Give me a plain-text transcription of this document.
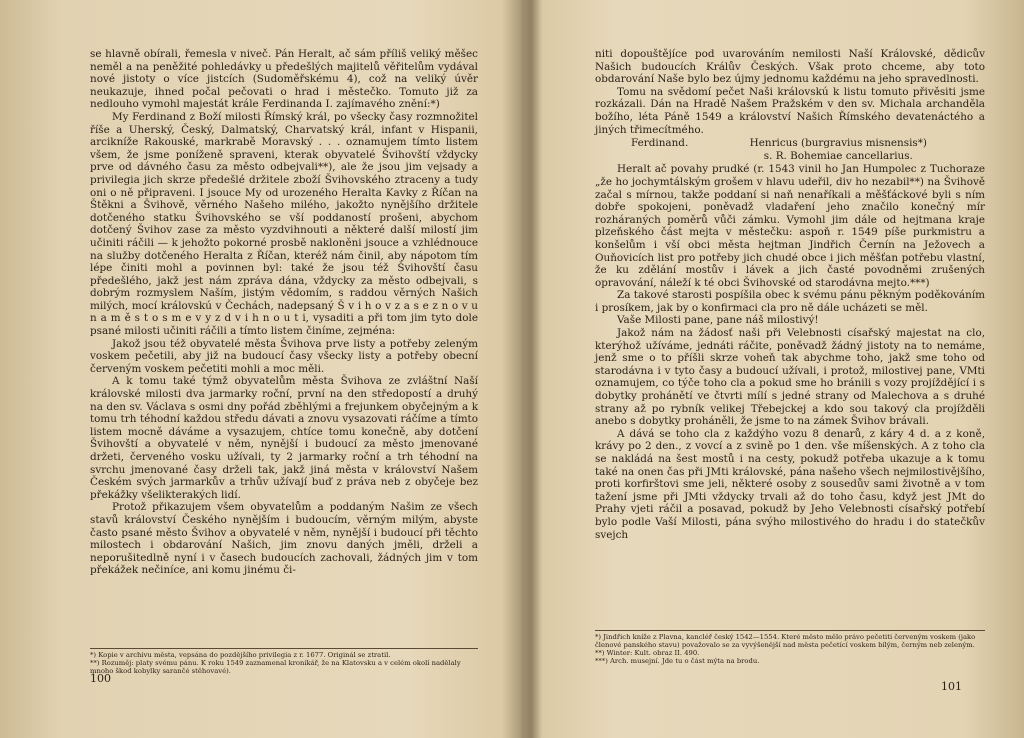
se hlavně obírali, řemesla v niveč. Pán Heralt, ač sám příliš veliký měšec neměl a na peněžité pohledávky u předešlých majitelů věřitelům vydával nové jistoty o více jistcích (Sudoměřskému 4), což na veliký úvěr neukazuje, ihned počal pečovati o hrad i městečko. Tomuto již za nedlouho vymohl majestát krále Ferdinanda I. zajímavého znění:*)

My Ferdinand z Boží milosti Římský král, po všecky časy rozmnožitel říše a Uherský, Český, Dalmatský, Charvatský král, infant v Hispanii, arciknížе Rakouské, markrabě Moravský . . . oznamujem tímto listem všem, že jsme poníženě spraveni, kterak obyvatelé Švihovští vždycky prve od dávného času za město odbejvali**), ale že jsou jim vejsady a privilegia jich skrze předešlé držitele zboží Švihovského ztraceny a tudy oni o ně připraveni. I jsouce My od urozeného Heralta Kavky z Říčan na Štěkni a Švihově, věrného Našeho milého, jakožto nynějšího držitele dotčeného statku Švihovského se vší poddaností prošeni, abychom dotčený Švihov zase za město vyzdvihnouti a některé další milostí jim učiniti ráčili — k jehožto pokorné prosbě nakloněni jsouce a vzhlédnouce na služby dotčeného Heralta z Říčan, kteréž nám činil, aby nápotom tím lépe činiti mohl a povinnen byl: také že jsou též Švihovští času předešlého, jakž jest nám zpráva dána, vždycky za město odbejvali, s dobrým rozmyslem Naším, jistým vědomím, s raddou věrných Našich milých, mocí královskú v Čechách, nadepsaný Š v i h o v z a s e z n o v u n a m ě s t o s m e v y z d v i h n o u t i, vysaditi a při tom jim tyto dole psané milosti učiniti ráčili a tímto listem činíme, zejména:

Jakož jsou též obyvatelé města Švihova prve listy a potřeby zeleným voskem pečetili, aby již na budoucí časy všecky listy a potřeby obecní červeným voskem pečetiti mohli a moc měli.

A k tomu také týmž obyvatelům města Švihova ze zvláštní Naší královské milosti dva jarmarky roční, první na den středopostí a druhý na den sv. Václava s osmi dny pořád zběhlými a frejunkem obyčejným a k tomu trh téhodní každou středu dávati a znovu vysazovati ráčíme a tímto listem mocně dáváme a vysazujem, chtíce tomu konečně, aby dotčení Švihovští a obyvatelé v něm, nynější i budoucí za město jmenované držeti, červeného vosku užívali, ty 2 jarmarky roční a trh téhodní na svrchu jmenované časy drželi tak, jakž jiná města v království Našem Českém svých jarmarkův a trhův užívají buď z práva neb z obyčeje bez překážky všelikterakých lidí.

Protož přikazujem všem obyvatelům a poddaným Našim ze všech stavů království Českého nynějším i budoucím, věrným milým, abyste často psané město Švihov a obyvatelé v něm, nynější i budoucí při těchto milostech i obdarování Našich, jim znovu daných jměli, drželi a neporušitedlně nyní i v časech budoucích zachovali, žádných jim v tom překážek nečiníce, ani komu jinému či-

*) Kopie v archivu města, vepsána do pozdějšího privilegia z r. 1677. Originál se ztratil.

**) Rozuměj: platy svému pánu. K roku 1549 zaznamenal kroníkář, že na Klatovsku a v celém okolí nadělaly mnoho škod kobylky sarančé stěhovavé).

100

niti dopouštějíce pod uvarováním nemilosti Naší Královské, dědicův Našich budoucích Králův Českých. Však proto chceme, aby toto obdarování Naše bylo bez újmy jednomu každému na jeho spravedlnosti.

Tomu na svědomí pečet Naši královskú k listu tomuto přivěsiti jsme rozkázali. Dán na Hradě Našem Pražském v den sv. Michala archanděla božího, léta Páně 1549 a království Našich Římského devatenáctého a jiných třimecítmého.

Ferdinand.	Henricus (burgravius misnensis*)
s. R. Bohemiae cancellarius.

Heralt ač povahy prudké (r. 1543 vinil ho Jan Humpolec z Tuchoraze „že ho jochymtálským grošem v hlavu udeřil, div ho nezabil**) na Švihově začal s mírnou, takže poddaní si naň nenaříkali a měšťáckové byli s ním dobře spokojeni, poněvadž vladaření jeho značilo konečný mír rozháraných poměrů vůči zámku. Vymohl jim dále od hejtmana kraje plzeňského část mejta v městečku: aspoň r. 1549 píše purkmistru a konšelům i vší obci města hejtman Jindřich Černín na Ježovech a Ouňovicích list pro potřeby jich chudé obce i jich měšťan potřebu vlastní, že ku zdělání mostův i lávek a jich časté povodněmi zrušených opravování, náleží k té obci Švihovské od starodávna mejto.***)

Za takové starosti pospíšila obec k svému pánu pěkným poděkováním i prosíkem, jak by o konfirmaci cla pro ně dále ucházeti se měl.

Vaše Milosti pane, pane náš milostivý!

Jakož nám na žádosť naši při Velebnosti císařský majestat na clo, kterýhož užíváme, jednáti ráčite, poněvadž žádný jistoty na to nemáme, jenž sme o to příšli skrze voheň tak abychme toho, jakž sme toho od starodávna i v tyto časy a budoucí užívali, i protož, milostivej pane, VMti oznamujem, co týče toho cla a pokud sme ho bránili s vozy projíždějící i s dobytky prohánětí ve čtvrti mílí s jedné strany od Malechova a s druhé strany až po rybník velikej Třebejckej a kdo sou takový cla projížděli anebo s dobytky proháněli, že jsme to na zámek Švihov brávali.

A dává se toho cla z každýho vozu 8 denarů, z káry 4 d. a z koně, krávy po 2 den., z vovcí a z svině po 1 den. vše míšenských. A z toho cla se nakládá na šest mostů i na cesty, pokudž potřeba ukazuje a k tomu také na onen čas při JMti královské, pána našeho všech nejmilostivějšího, proti korfirštovi sme jeli, některé osoby z sousedův sami životně a v tom tažení jsme při JMti vždycky trvali až do toho času, když jest JMt do Prahy vjeti ráčil a posavad, pokudž by Jeho Velebnosti císařský potřebí bylo podle Vaší Milosti, pána svýho milostivého do hradu i do statečkův svejch

*) Jindřich kníže z Plavna, kancléř český 1542—1554. Které město mělo právo pečetiti červeným voskem (jako členové panského stavu) považovalo se za vyvýšenější nad města pečetící voskem bílým, černým neb zeleným.

**) Winter: Kult. obraz II. 490.

***) Arch. musejní. Jde tu o část mýta na brodu.

101
